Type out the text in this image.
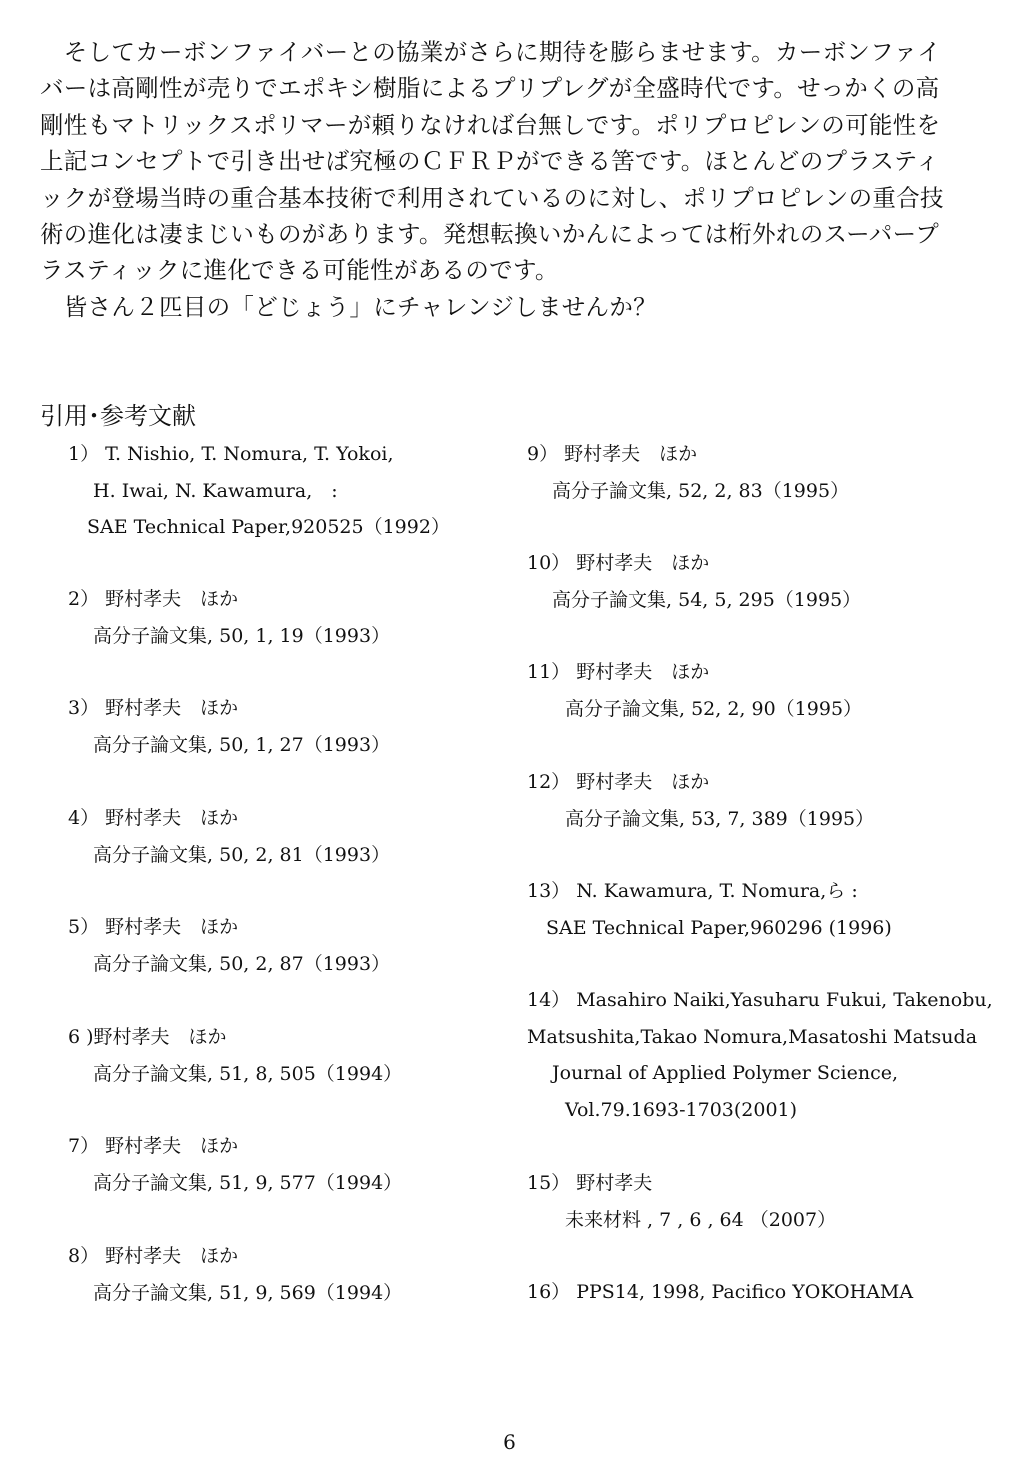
　そしてカーボンファイバーとの協業がさらに期待を膨らませます。カーボンファイ
バーは高剛性が売りでエポキシ樹脂によるプリプレグが全盛時代です。せっかくの高
剛性もマトリックスポリマーが頼りなければ台無しです。ポリプロピレンの可能性を
上記コンセプトで引き出せば究極のＣＦＲＰができる筈です。ほとんどのプラスティ
ックが登場当時の重合基本技術で利用されているのに対し、ポリプロピレンの重合技
術の進化は凄まじいものがあります。発想転換いかんによっては桁外れのスーパープ
ラスティックに進化できる可能性があるのです。
　皆さん２匹目の「どじょう」にチャレンジしませんか？
引用･参考文献
1） T. Nishio, T. Nomura, T. Yokoi,
　 H. Iwai, N. Kawamura,　:
　SAE Technical Paper,920525（1992）
2） 野村孝夫　ほか
　 高分子論文集, 50, 1, 19（1993）
3） 野村孝夫　ほか
　 高分子論文集, 50, 1, 27（1993）
4） 野村孝夫　ほか
　 高分子論文集, 50, 2, 81（1993）
5） 野村孝夫　ほか
　 高分子論文集, 50, 2, 87（1993）
6 )野村孝夫　ほか
　 高分子論文集, 51, 8, 505（1994）
7） 野村孝夫　ほか
　 高分子論文集, 51, 9, 577（1994）
8） 野村孝夫　ほか
　 高分子論文集, 51, 9, 569（1994）
9） 野村孝夫　ほか
　 高分子論文集, 52, 2, 83（1995）
10） 野村孝夫　ほか
　 高分子論文集, 54, 5, 295（1995）
11） 野村孝夫　ほか
　　高分子論文集, 52, 2, 90（1995）
12） 野村孝夫　ほか
　　高分子論文集, 53, 7, 389（1995）
13） N. Kawamura, T. Nomura,ら :
　SAE Technical Paper,960296 (1996)
14） Masahiro Naiki,Yasuharu Fukui, Takenobu,
Matsushita,Takao Nomura,Masatoshi Matsuda
　 Journal of Applied Polymer Science,
　　Vol.79.1693-1703(2001)
15） 野村孝夫
　　未来材料 , 7 , 6 , 64 （2007）
16） PPS14, 1998, Pacifico YOKOHAMA
6
